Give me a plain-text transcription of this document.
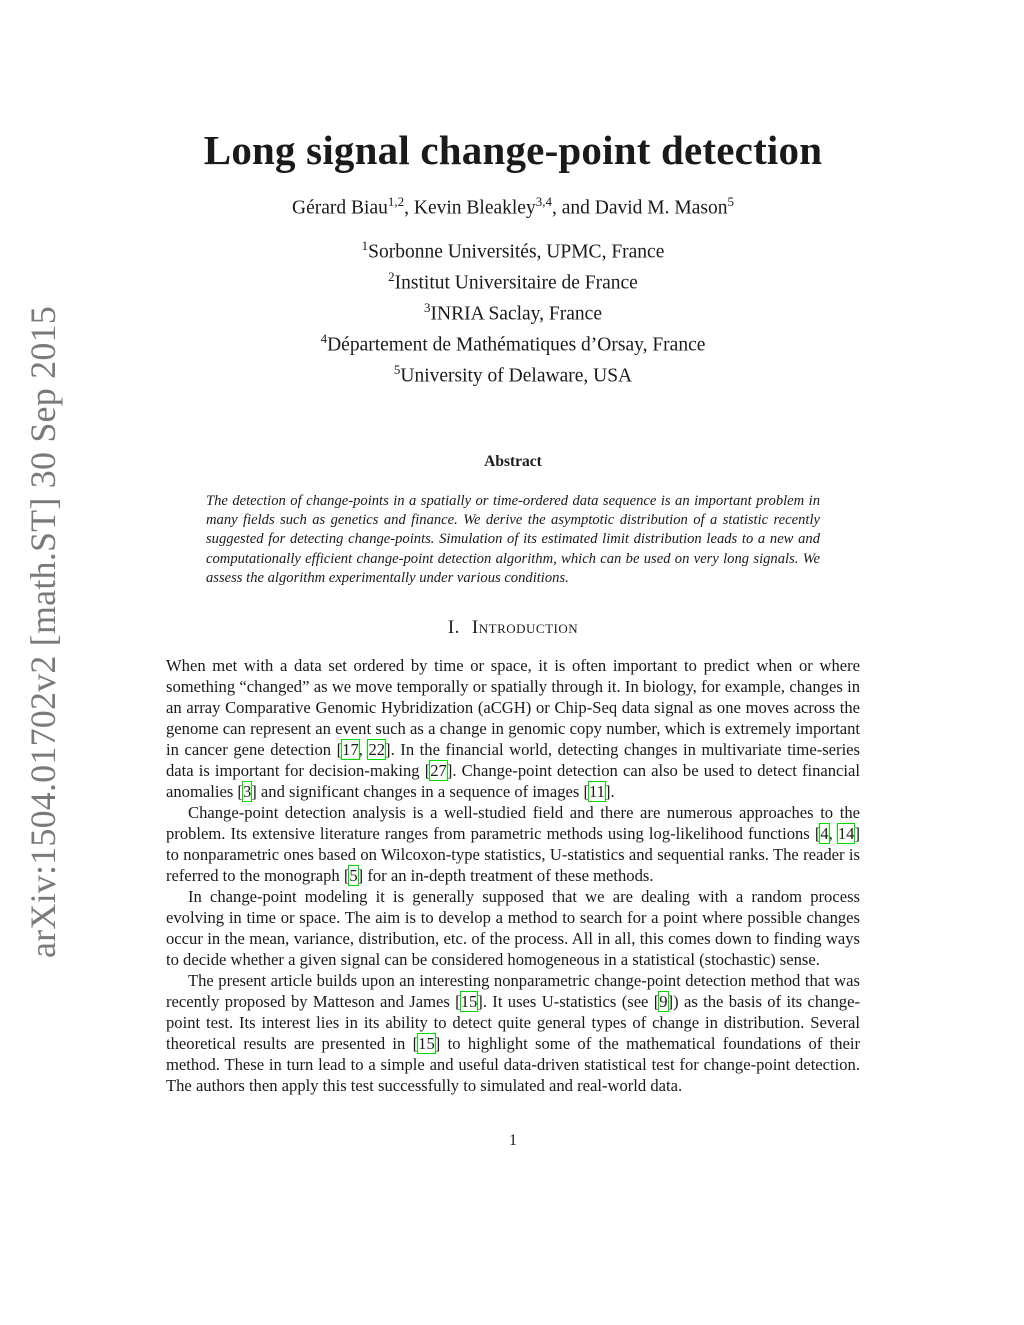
arXiv:1504.01702v2 [math.ST] 30 Sep 2015
Long signal change-point detection
Gérard Biau$^{1,2}$, Kevin Bleakley$^{3,4}$, and David M. Mason$^5$
$^1$Sorbonne Universités, UPMC, France
$^2$Institut Universitaire de France
$^3$INRIA Saclay, France
$^4$Département de Mathématiques d’Orsay, France
$^5$University of Delaware, USA
Abstract
The detection of change-points in a spatially or time-ordered data sequence is an important problem in many fields such as genetics and finance. We derive the asymptotic distribution of a statistic recently suggested for detecting change-points. Simulation of its estimated limit distribution leads to a new and computationally efficient change-point detection algorithm, which can be used on very long signals. We assess the algorithm experimentally under various conditions.
I. Introduction

When met with a data set ordered by time or space, it is often important to predict when or where something “changed” as we move temporally or spatially through it. In biology, for example, changes in an array Comparative Genomic Hybridization (aCGH) or Chip-Seq data signal as one moves across the genome can represent an event such as a change in genomic copy number, which is extremely important in cancer gene detection [17, 22]. In the financial world, detecting changes in multivariate time-series data is important for decision-making [27]. Change-point detection can also be used to detect financial anomalies [3] and significant changes in a sequence of images [11].

Change-point detection analysis is a well-studied field and there are numerous approaches to the problem. Its extensive literature ranges from parametric methods using log-likelihood functions [4, 14] to nonparametric ones based on Wilcoxon-type statistics, U-statistics and sequential ranks. The reader is referred to the monograph [5] for an in-depth treatment of these methods.

In change-point modeling it is generally supposed that we are dealing with a random process evolving in time or space. The aim is to develop a method to search for a point where possible changes occur in the mean, variance, distribution, etc. of the process. All in all, this comes down to finding ways to decide whether a given signal can be considered homogeneous in a statistical (stochastic) sense.

The present article builds upon an interesting nonparametric change-point detection method that was recently proposed by Matteson and James [15]. It uses U-statistics (see [9]) as the basis of its change-point test. Its interest lies in its ability to detect quite general types of change in distribution. Several theoretical results are presented in [15] to highlight some of the mathematical foundations of their method. These in turn lead to a simple and useful data-driven statistical test for change-point detection. The authors then apply this test successfully to simulated and real-world data.

1
